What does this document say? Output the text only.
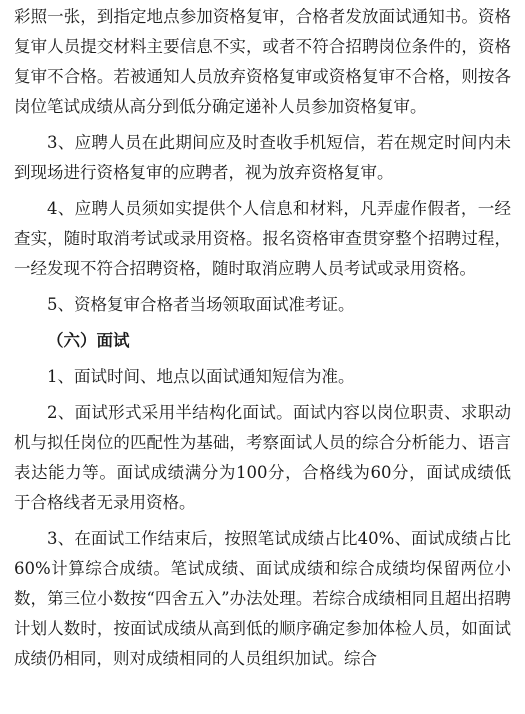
彩照一张，到指定地点参加资格复审，合格者发放面试通知书。资格复审人员提交材料主要信息不实，或者不符合招聘岗位条件的，资格复审不合格。若被通知人员放弃资格复审或资格复审不合格，则按各岗位笔试成绩从高分到低分确定递补人员参加资格复审。

3、应聘人员在此期间应及时查收手机短信，若在规定时间内未到现场进行资格复审的应聘者，视为放弃资格复审。

4、应聘人员须如实提供个人信息和材料，凡弄虚作假者，一经查实，随时取消考试或录用资格。报名资格审查贯穿整个招聘过程，一经发现不符合招聘资格，随时取消应聘人员考试或录用资格。

5、资格复审合格者当场领取面试准考证。

（六）面试

1、面试时间、地点以面试通知短信为准。

2、面试形式采用半结构化面试。面试内容以岗位职责、求职动机与拟任岗位的匹配性为基础，考察面试人员的综合分析能力、语言表达能力等。面试成绩满分为100分，合格线为60分，面试成绩低于合格线者无录用资格。

3、在面试工作结束后，按照笔试成绩占比40%、面试成绩占比60%计算综合成绩。笔试成绩、面试成绩和综合成绩均保留两位小数，第三位小数按“四舍五入”办法处理。若综合成绩相同且超出招聘计划人数时，按面试成绩从高到低的顺序确定参加体检人员，如面试成绩仍相同，则对成绩相同的人员组织加试。综合
